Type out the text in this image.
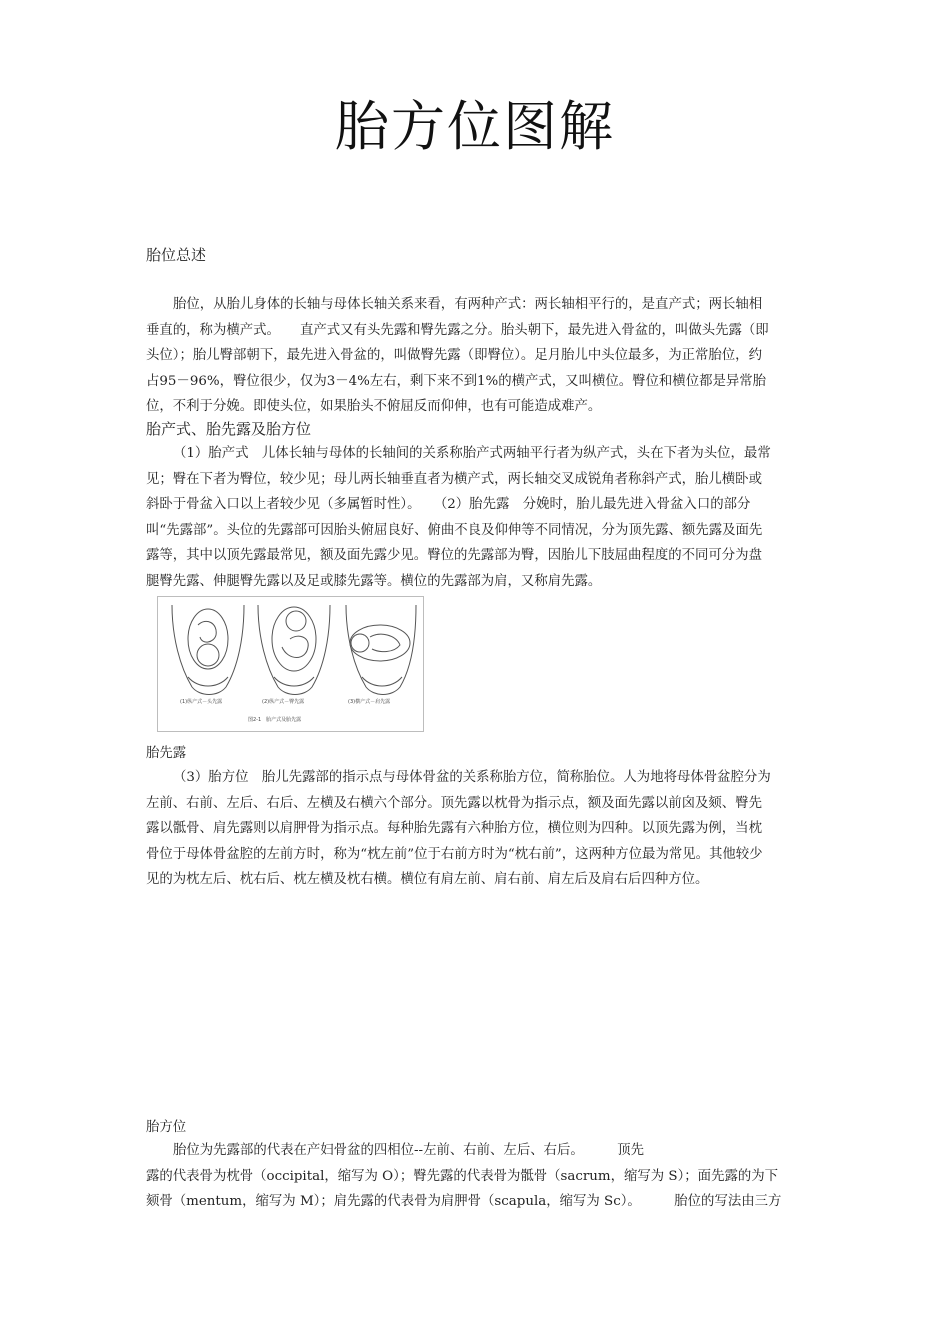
胎方位图解
胎位总述
胎位，从胎儿身体的长轴与母体长轴关系来看，有两种产式：两长轴相平行的，是直产式；两长轴相
垂直的，称为横产式。　　直产式又有头先露和臀先露之分。胎头朝下，最先进入骨盆的，叫做头先露（即
头位）；胎儿臀部朝下，最先进入骨盆的，叫做臀先露（即臀位）。足月胎儿中头位最多，为正常胎位，约
占95－96%，臀位很少，仅为3－4%左右，剩下来不到1%的横产式，又叫横位。臀位和横位都是异常胎
位，不利于分娩。即使头位，如果胎头不俯屈反而仰伸，也有可能造成难产。
胎产式、胎先露及胎方位
（1）胎产式　儿体长轴与母体的长轴间的关系称胎产式两轴平行者为纵产式，头在下者为头位，最常
见；臀在下者为臀位，较少见；母儿两长轴垂直者为横产式，两长轴交叉成锐角者称斜产式，胎儿横卧或
斜卧于骨盆入口以上者较少见（多属暂时性）。　　（2）胎先露　分娩时，胎儿最先进入骨盆入口的部分
叫“先露部”。头位的先露部可因胎头俯屈良好、俯曲不良及仰伸等不同情况，分为顶先露、额先露及面先
露等，其中以顶先露最常见，额及面先露少见。臀位的先露部为臀，因胎儿下肢屈曲程度的不同可分为盘
腿臀先露、伸腿臀先露以及足或膝先露等。横位的先露部为肩，又称肩先露。
(1)纵产式－头先露	(2)纵产式－臀先露	(3)横产式－肩先露
图2-1　胎产式及胎先露
胎先露
（3）胎方位　胎儿先露部的指示点与母体骨盆的关系称胎方位，简称胎位。人为地将母体骨盆腔分为
左前、右前、左后、右后、左横及右横六个部分。顶先露以枕骨为指示点，额及面先露以前囟及颏、臀先
露以骶骨、肩先露则以肩胛骨为指示点。每种胎先露有六种胎方位，横位则为四种。以顶先露为例，当枕
骨位于母体骨盆腔的左前方时，称为“枕左前”位于右前方时为“枕右前”，这两种方位最为常见。其他较少
见的为枕左后、枕右后、枕左横及枕右横。横位有肩左前、肩右前、肩左后及肩右后四种方位。
胎方位
胎位为先露部的代表在产妇骨盆的四相位--左前、右前、左后、右后。　　　顶先
露的代表骨为枕骨（occipital，缩写为 O）；臀先露的代表骨为骶骨（sacrum，缩写为 S）；面先露的为下
颏骨（mentum，缩写为 M）；肩先露的代表骨为肩胛骨（scapula，缩写为 Sc）。　　　胎位的写法由三方
